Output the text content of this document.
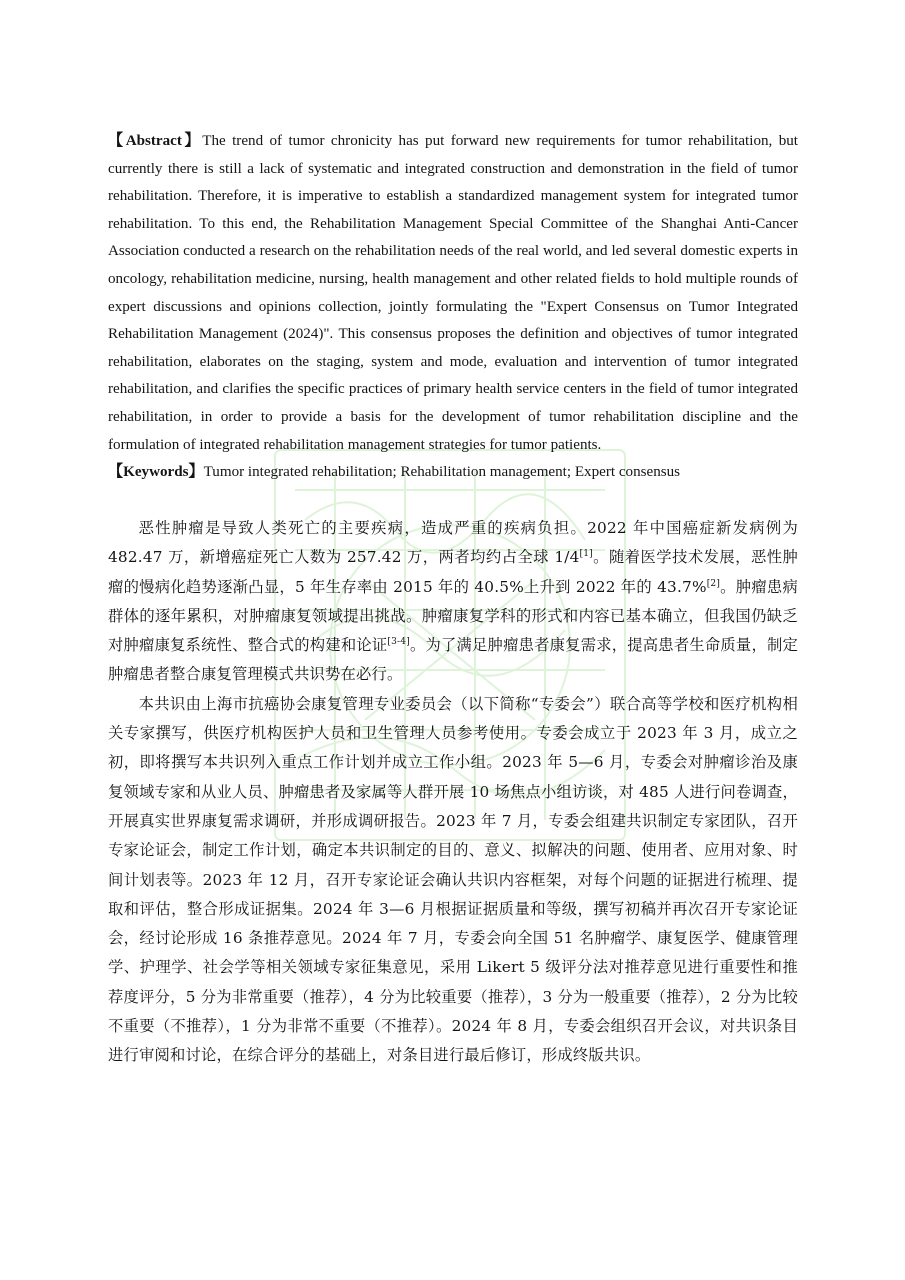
【Abstract】The trend of tumor chronicity has put forward new requirements for tumor rehabilitation, but currently there is still a lack of systematic and integrated construction and demonstration in the field of tumor rehabilitation. Therefore, it is imperative to establish a standardized management system for integrated tumor rehabilitation. To this end, the Rehabilitation Management Special Committee of the Shanghai Anti-Cancer Association conducted a research on the rehabilitation needs of the real world, and led several domestic experts in oncology, rehabilitation medicine, nursing, health management and other related fields to hold multiple rounds of expert discussions and opinions collection, jointly formulating the "Expert Consensus on Tumor Integrated Rehabilitation Management (2024)". This consensus proposes the definition and objectives of tumor integrated rehabilitation, elaborates on the staging, system and mode, evaluation and intervention of tumor integrated rehabilitation, and clarifies the specific practices of primary health service centers in the field of tumor integrated rehabilitation, in order to provide a basis for the development of tumor rehabilitation discipline and the formulation of integrated rehabilitation management strategies for tumor patients.

【Keywords】Tumor integrated rehabilitation; Rehabilitation management; Expert consensus

恶性肿瘤是导致人类死亡的主要疾病，造成严重的疾病负担。2022 年中国癌症新发病例为 482.47 万，新增癌症死亡人数为 257.42 万，两者均约占全球 1/4[1]。随着医学技术发展，恶性肿瘤的慢病化趋势逐渐凸显，5 年生存率由 2015 年的 40.5%上升到 2022 年的 43.7%[2]。肿瘤患病群体的逐年累积，对肿瘤康复领域提出挑战。肿瘤康复学科的形式和内容已基本确立，但我国仍缺乏对肿瘤康复系统性、整合式的构建和论证[3-4]。为了满足肿瘤患者康复需求，提高患者生命质量，制定肿瘤患者整合康复管理模式共识势在必行。

本共识由上海市抗癌协会康复管理专业委员会（以下简称“专委会”）联合高等学校和医疗机构相关专家撰写，供医疗机构医护人员和卫生管理人员参考使用。专委会成立于 2023 年 3 月，成立之初，即将撰写本共识列入重点工作计划并成立工作小组。2023 年 5—6 月，专委会对肿瘤诊治及康复领域专家和从业人员、肿瘤患者及家属等人群开展 10 场焦点小组访谈，对 485 人进行问卷调查，开展真实世界康复需求调研，并形成调研报告。2023 年 7 月，专委会组建共识制定专家团队，召开专家论证会，制定工作计划，确定本共识制定的目的、意义、拟解决的问题、使用者、应用对象、时间计划表等。2023 年 12 月，召开专家论证会确认共识内容框架，对每个问题的证据进行梳理、提取和评估，整合形成证据集。2024 年 3—6 月根据证据质量和等级，撰写初稿并再次召开专家论证会，经讨论形成 16 条推荐意见。2024 年 7 月，专委会向全国 51 名肿瘤学、康复医学、健康管理学、护理学、社会学等相关领域专家征集意见，采用 Likert 5 级评分法对推荐意见进行重要性和推荐度评分，5 分为非常重要（推荐），4 分为比较重要（推荐），3 分为一般重要（推荐），2 分为比较不重要（不推荐），1 分为非常不重要（不推荐）。2024 年 8 月，专委会组织召开会议，对共识条目进行审阅和讨论，在综合评分的基础上，对条目进行最后修订，形成终版共识。
